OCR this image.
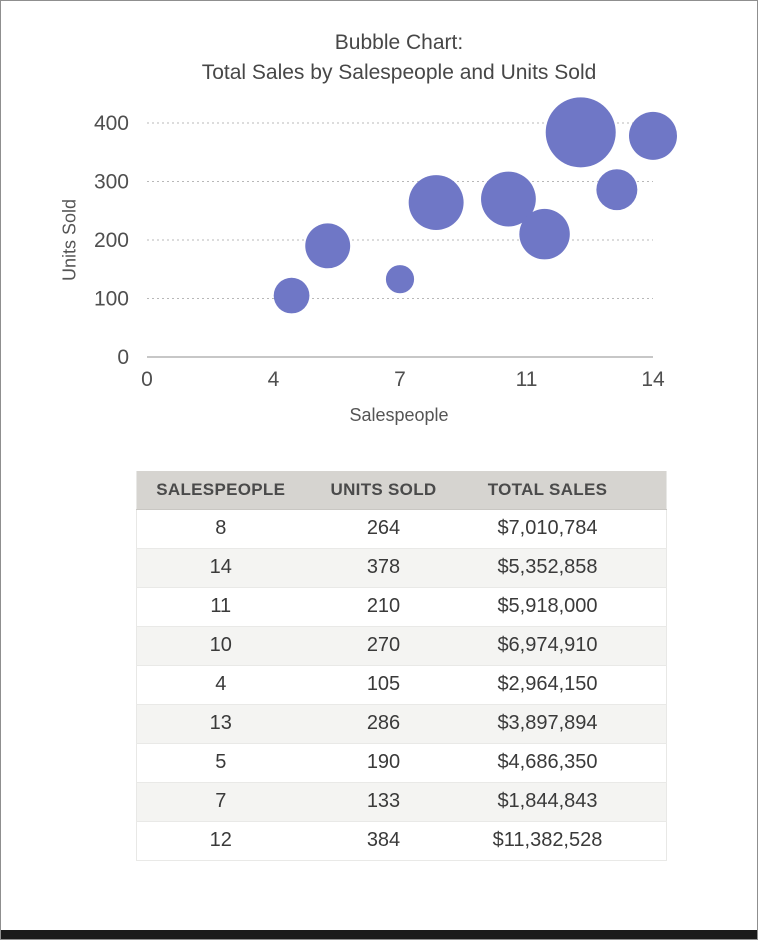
Bubble Chart:
Total Sales by Salespeople and Units Sold
Units Sold
0
100
200
300
400
0	4	7	11	14
Salespeople
SALESPEOPLE	UNITS SOLD	TOTAL SALES	
8	264	$7,010,784	
14	378	$5,352,858	
11	210	$5,918,000	
10	270	$6,974,910	
4	105	$2,964,150	
13	286	$3,897,894	
5	190	$4,686,350	
7	133	$1,844,843	
12	384	$11,382,528	
